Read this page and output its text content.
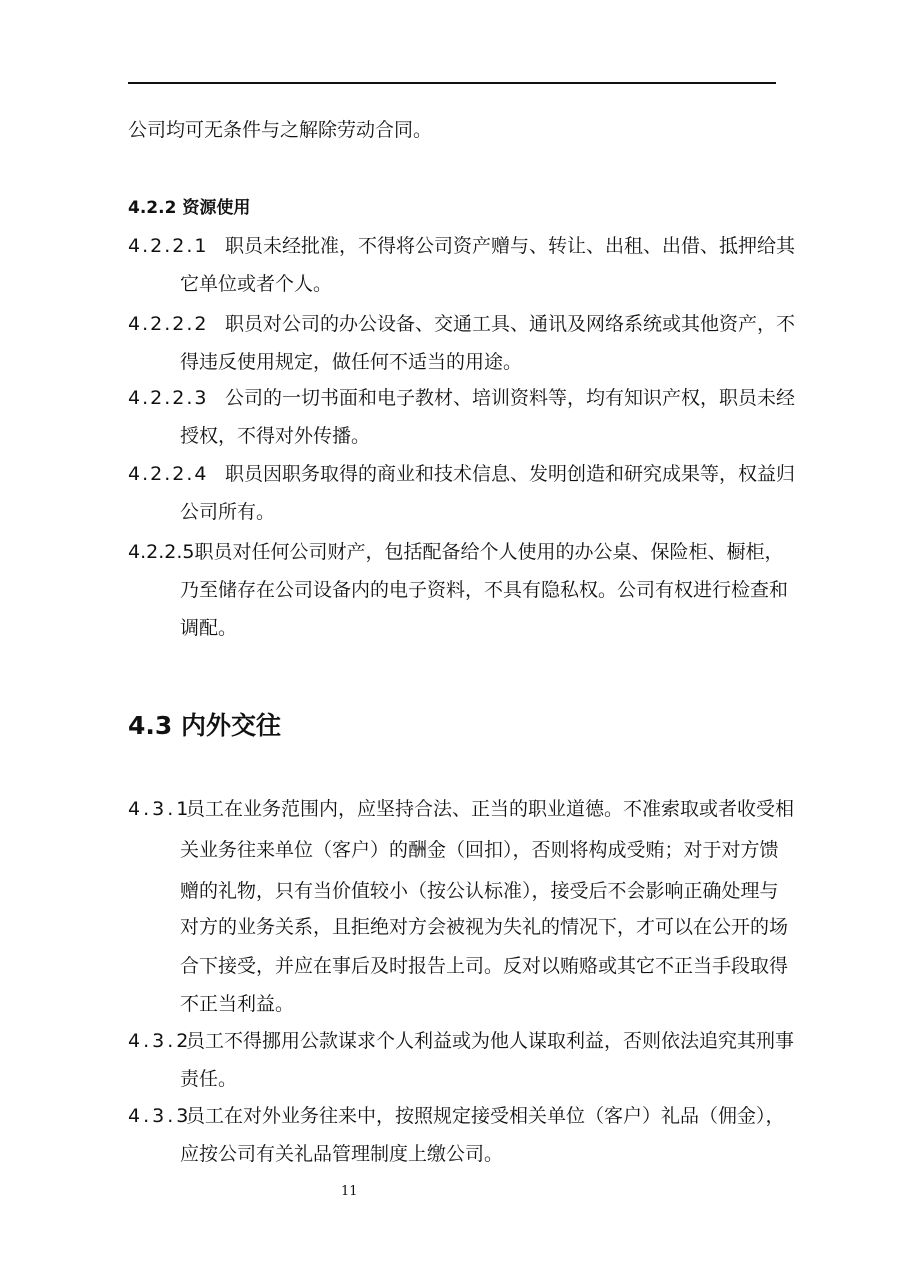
公司均可无条件与之解除劳动合同。
4.2.2 资源使用
4.2.2.1 职员未经批准，不得将公司资产赠与、转让、出租、出借、抵押给其
它单位或者个人。
4.2.2.2 职员对公司的办公设备、交通工具、通讯及网络系统或其他资产，不
得违反使用规定，做任何不适当的用途。
4.2.2.3 公司的一切书面和电子教材、培训资料等，均有知识产权，职员未经
授权，不得对外传播。
4.2.2.4 职员因职务取得的商业和技术信息、发明创造和研究成果等，权益归
公司所有。
4.2.2.5职员对任何公司财产，包括配备给个人使用的办公桌、保险柜、橱柜，
乃至储存在公司设备内的电子资料，不具有隐私权。公司有权进行检查和
调配。
4.3 内外交往
4.3.1
员工在业务范围内，应坚持合法、正当的职业道德。不准索取或者收受相
关业务往来单位（客户）的酬金（回扣），否则将构成受贿；对于对方馈
赠的礼物，只有当价值较小（按公认标准），接受后不会影响正确处理与
对方的业务关系，且拒绝对方会被视为失礼的情况下，才可以在公开的场
合下接受，并应在事后及时报告上司。反对以贿赂或其它不正当手段取得
不正当利益。
4.3.2
员工不得挪用公款谋求个人利益或为他人谋取利益，否则依法追究其刑事
责任。
4.3.3
员工在对外业务往来中，按照规定接受相关单位（客户）礼品（佣金），
应按公司有关礼品管理制度上缴公司。
11
